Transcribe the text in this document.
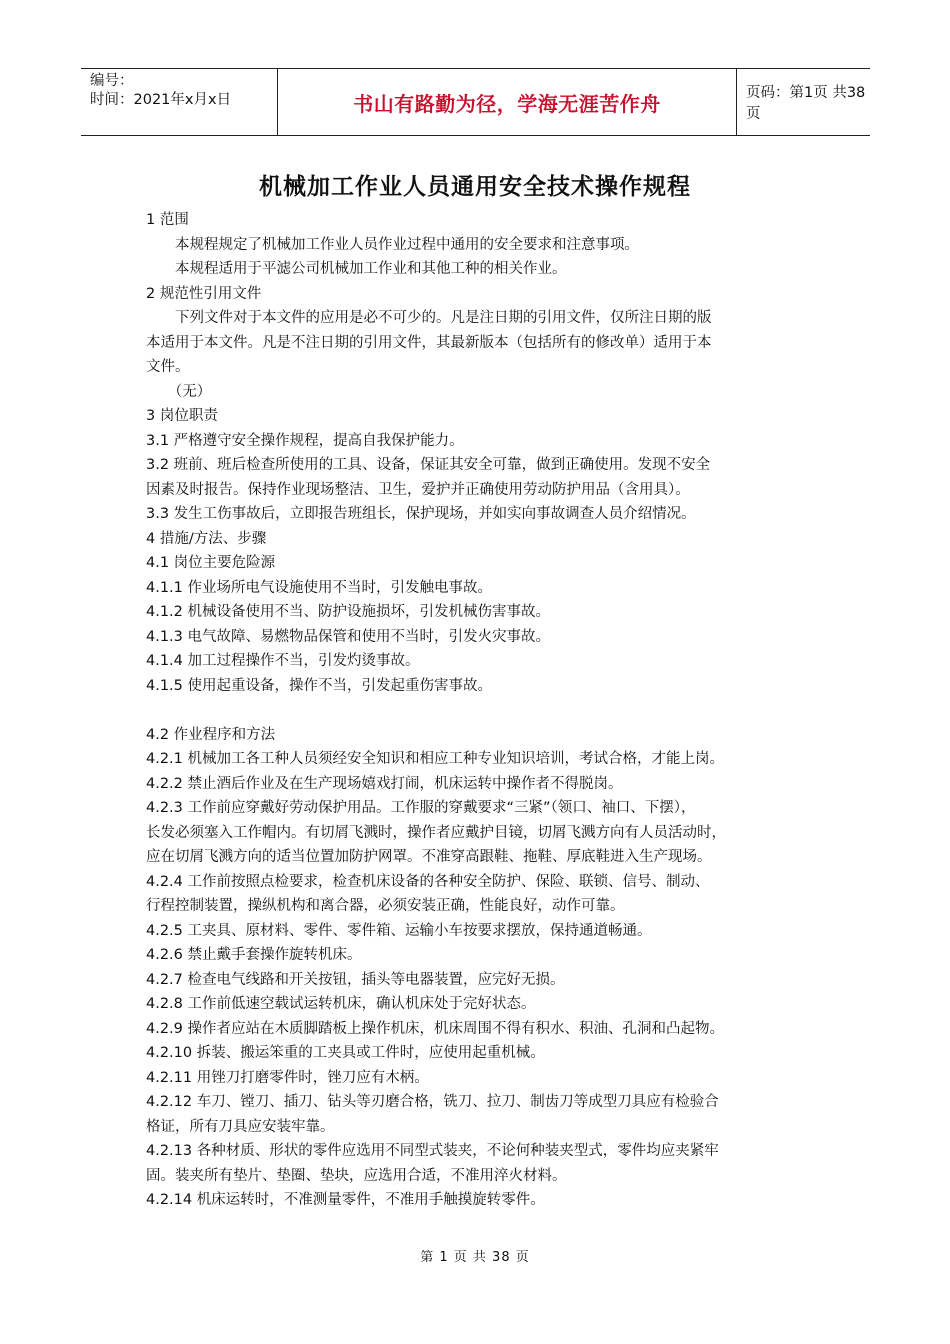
编号：
时间：2021年x月x日	书山有路勤为径，学海无涯苦作舟	页码：第1页 共38页
机械加工作业人员通用安全技术操作规程

1 范围

　　本规程规定了机械加工作业人员作业过程中通用的安全要求和注意事项。

　　本规程适用于平滤公司机械加工作业和其他工种的相关作业。

2 规范性引用文件

　　下列文件对于本文件的应用是必不可少的。凡是注日期的引用文件，仅所注日期的版

本适用于本文件。凡是不注日期的引用文件，其最新版本（包括所有的修改单）适用于本

文件。

　　（无）

3 岗位职责

3.1 严格遵守安全操作规程，提高自我保护能力。

3.2 班前、班后检查所使用的工具、设备，保证其安全可靠，做到正确使用。发现不安全

因素及时报告。保持作业现场整洁、卫生，爱护并正确使用劳动防护用品（含用具）。

3.3 发生工伤事故后，立即报告班组长，保护现场，并如实向事故调查人员介绍情况。

4 措施/方法、步骤

4.1 岗位主要危险源

4.1.1 作业场所电气设施使用不当时，引发触电事故。

4.1.2 机械设备使用不当、防护设施损坏，引发机械伤害事故。

4.1.3 电气故障、易燃物品保管和使用不当时，引发火灾事故。

4.1.4 加工过程操作不当，引发灼烫事故。

4.1.5 使用起重设备，操作不当，引发起重伤害事故。

4.2 作业程序和方法

4.2.1 机械加工各工种人员须经安全知识和相应工种专业知识培训，考试合格，才能上岗。

4.2.2 禁止酒后作业及在生产现场嬉戏打闹，机床运转中操作者不得脱岗。

4.2.3 工作前应穿戴好劳动保护用品。工作服的穿戴要求“三紧”（领口、袖口、下摆），

长发必须塞入工作帽内。有切屑飞溅时，操作者应戴护目镜，切屑飞溅方向有人员活动时，

应在切屑飞溅方向的适当位置加防护网罩。不准穿高跟鞋、拖鞋、厚底鞋进入生产现场。

4.2.4 工作前按照点检要求，检查机床设备的各种安全防护、保险、联锁、信号、制动、

行程控制装置，操纵机构和离合器，必须安装正确，性能良好，动作可靠。

4.2.5 工夹具、原材料、零件、零件箱、运输小车按要求摆放，保持通道畅通。

4.2.6 禁止戴手套操作旋转机床。

4.2.7 检查电气线路和开关按钮，插头等电器装置，应完好无损。

4.2.8 工作前低速空载试运转机床，确认机床处于完好状态。

4.2.9 操作者应站在木质脚踏板上操作机床，机床周围不得有积水、积油、孔洞和凸起物。

4.2.10 拆装、搬运笨重的工夹具或工件时，应使用起重机械。

4.2.11 用锉刀打磨零件时，锉刀应有木柄。

4.2.12 车刀、镗刀、插刀、钻头等刃磨合格，铣刀、拉刀、制齿刀等成型刀具应有检验合

格证，所有刀具应安装牢靠。

4.2.13 各种材质、形状的零件应选用不同型式装夹，不论何种装夹型式，零件均应夹紧牢

固。装夹所有垫片、垫圈、垫块，应选用合适，不准用淬火材料。

4.2.14 机床运转时，不准测量零件，不准用手触摸旋转零件。

第 1 页 共 38 页
